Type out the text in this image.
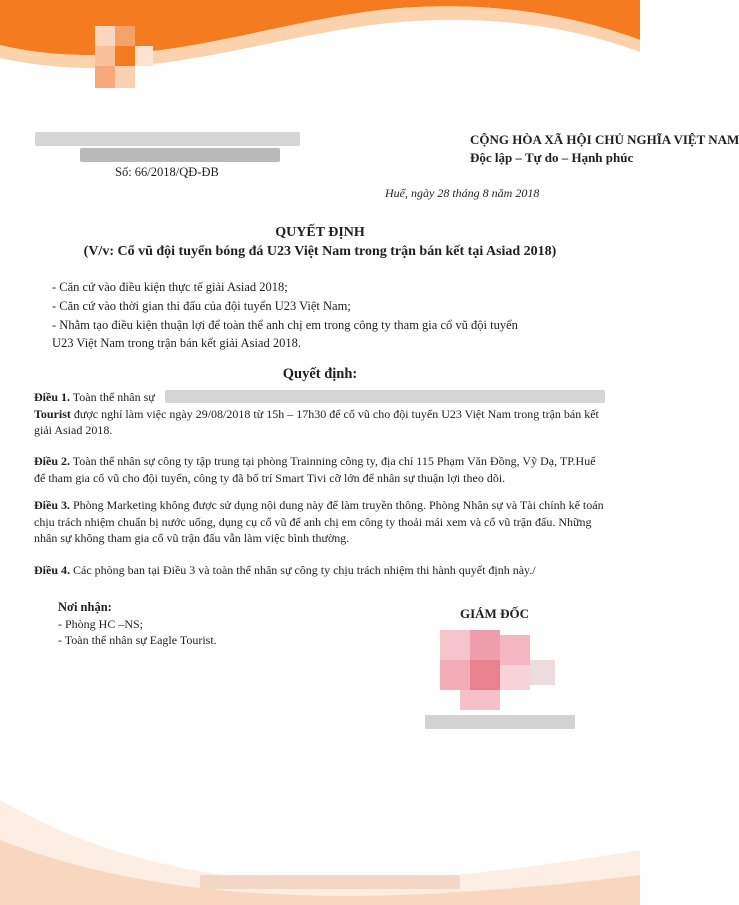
CỘNG HÒA XÃ HỘI CHỦ NGHĨA VIỆT NAM
Độc lập – Tự do – Hạnh phúc
Số: 66/2018/QĐ-ĐB
Huế, ngày 28 tháng 8 năm 2018
QUYẾT ĐỊNH
(V/v: Cổ vũ đội tuyển bóng đá U23 Việt Nam trong trận bán kết tại Asiad 2018)
- Căn cứ vào điều kiện thực tế giải Asiad 2018;
- Căn cứ vào thời gian thi đấu của đội tuyển U23 Việt Nam;
- Nhằm tạo điều kiện thuận lợi để toàn thể anh chị em trong công ty tham gia cổ vũ đội tuyển
U23 Việt Nam trong trận bán kết giải Asiad 2018.
Quyết định:
Điều 1. Toàn thể nhân sự
Tourist được nghỉ làm việc ngày 29/08/2018 từ 15h – 17h30 để cổ vũ cho đội tuyển U23 Việt Nam trong trận bán kết giải Asiad 2018.
Điều 2. Toàn thể nhân sự công ty tập trung tại phòng Trainning công ty, địa chỉ 115 Phạm Văn Đồng, Vỹ Dạ, TP.Huế để tham gia cổ vũ cho đội tuyển, công ty đã bố trí Smart Tivi cỡ lớn để nhân sự thuận lợi theo dõi.
Điều 3. Phòng Marketing không được sử dụng nội dung này để làm truyền thông. Phòng Nhân sự và Tài chính kế toán chịu trách nhiệm chuẩn bị nước uống, dụng cụ cổ vũ để anh chị em công ty thoải mái xem và cổ vũ trận đấu. Những nhân sự không tham gia cổ vũ trận đấu vẫn làm việc bình thường.
Điều 4. Các phòng ban tại Điều 3 và toàn thể nhân sự công ty chịu trách nhiệm thi hành quyết định này./
Nơi nhận:
- Phòng HC –NS;
- Toàn thể nhân sự Eagle Tourist.
GIÁM ĐỐC
